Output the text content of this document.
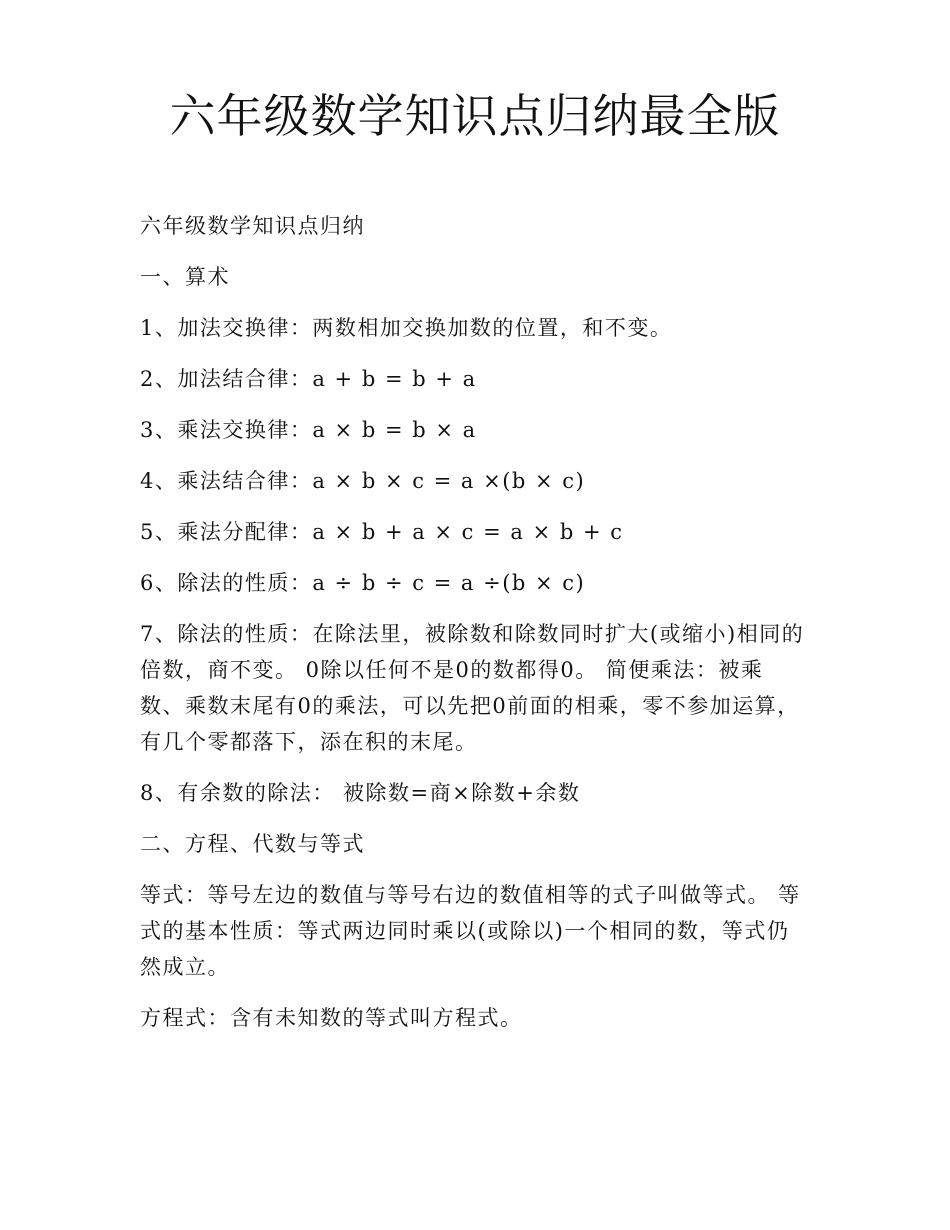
六年级数学知识点归纳最全版

六年级数学知识点归纳

一、算术

1、加法交换律：两数相加交换加数的位置，和不变。

2、加法结合律：a + b = b + a

3、乘法交换律：a × b = b × a

4、乘法结合律：a × b × c = a ×(b × c)

5、乘法分配律：a × b + a × c = a × b + c

6、除法的性质：a ÷ b ÷ c = a ÷(b × c)

7、除法的性质：在除法里，被除数和除数同时扩大(或缩小)相同的倍数，商不变。 0除以任何不是0的数都得0。 简便乘法：被乘数、乘数末尾有0的乘法，可以先把0前面的相乘，零不参加运算，有几个零都落下，添在积的末尾。

8、有余数的除法： 被除数=商×除数+余数

二、方程、代数与等式

等式：等号左边的数值与等号右边的数值相等的式子叫做等式。 等式的基本性质：等式两边同时乘以(或除以)一个相同的数，等式仍然成立。

方程式：含有未知数的等式叫方程式。
